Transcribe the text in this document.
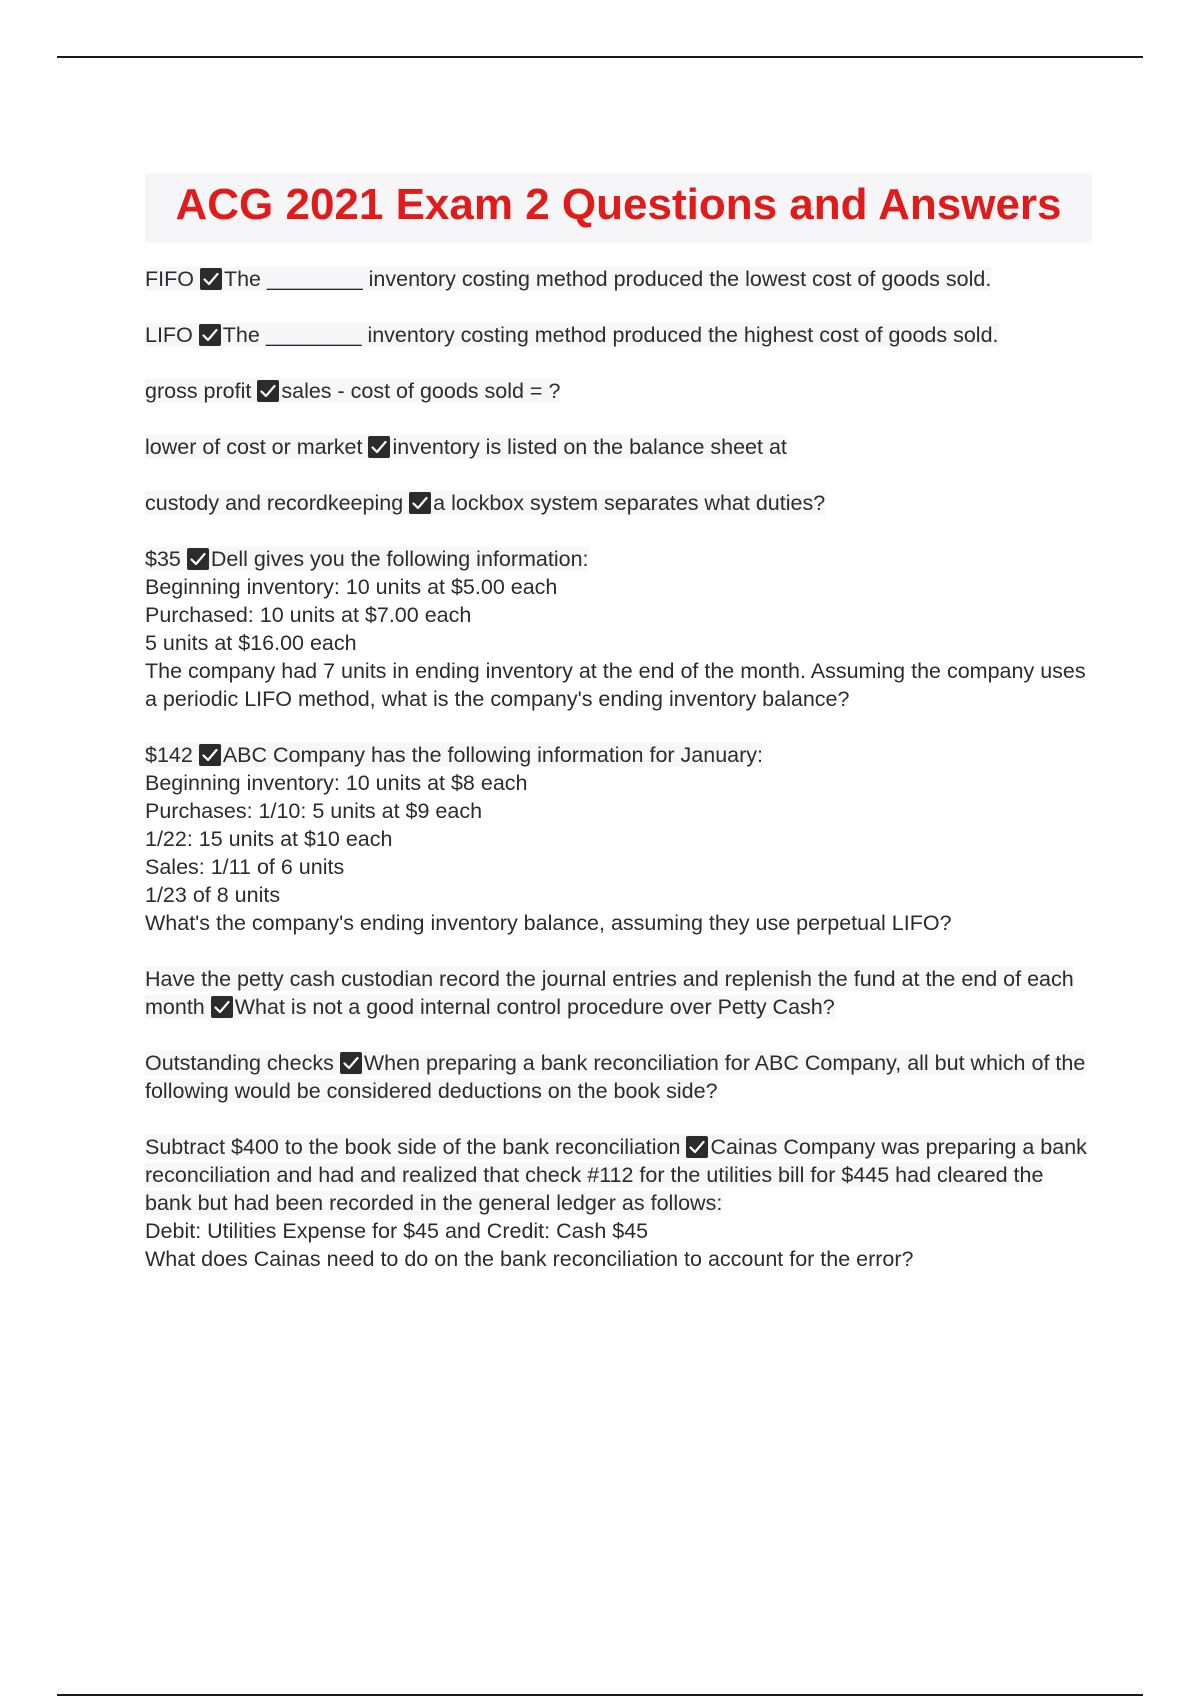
ACG 2021 Exam 2 Questions and Answers
FIFO The ________ inventory costing method produced the lowest cost of goods sold.
LIFO The ________ inventory costing method produced the highest cost of goods sold.
gross profit sales - cost of goods sold = ?
lower of cost or market inventory is listed on the balance sheet at
custody and recordkeeping a lockbox system separates what duties?
$35 Dell gives you the following information:
Beginning inventory: 10 units at $5.00 each
Purchased: 10 units at $7.00 each
5 units at $16.00 each
The company had 7 units in ending inventory at the end of the month. Assuming the company uses a periodic LIFO method, what is the company's ending inventory balance?
$142 ABC Company has the following information for January:
Beginning inventory: 10 units at $8 each
Purchases: 1/10: 5 units at $9 each
1/22: 15 units at $10 each
Sales: 1/11 of 6 units
1/23 of 8 units
What's the company's ending inventory balance, assuming they use perpetual LIFO?
Have the petty cash custodian record the journal entries and replenish the fund at the end of each month What is not a good internal control procedure over Petty Cash?
Outstanding checks When preparing a bank reconciliation for ABC Company, all but which of the following would be considered deductions on the book side?
Subtract $400 to the book side of the bank reconciliation Cainas Company was preparing a bank reconciliation and had and realized that check #112 for the utilities bill for $445 had cleared the bank but had been recorded in the general ledger as follows:
Debit: Utilities Expense for $45 and Credit: Cash $45
What does Cainas need to do on the bank reconciliation to account for the error?
